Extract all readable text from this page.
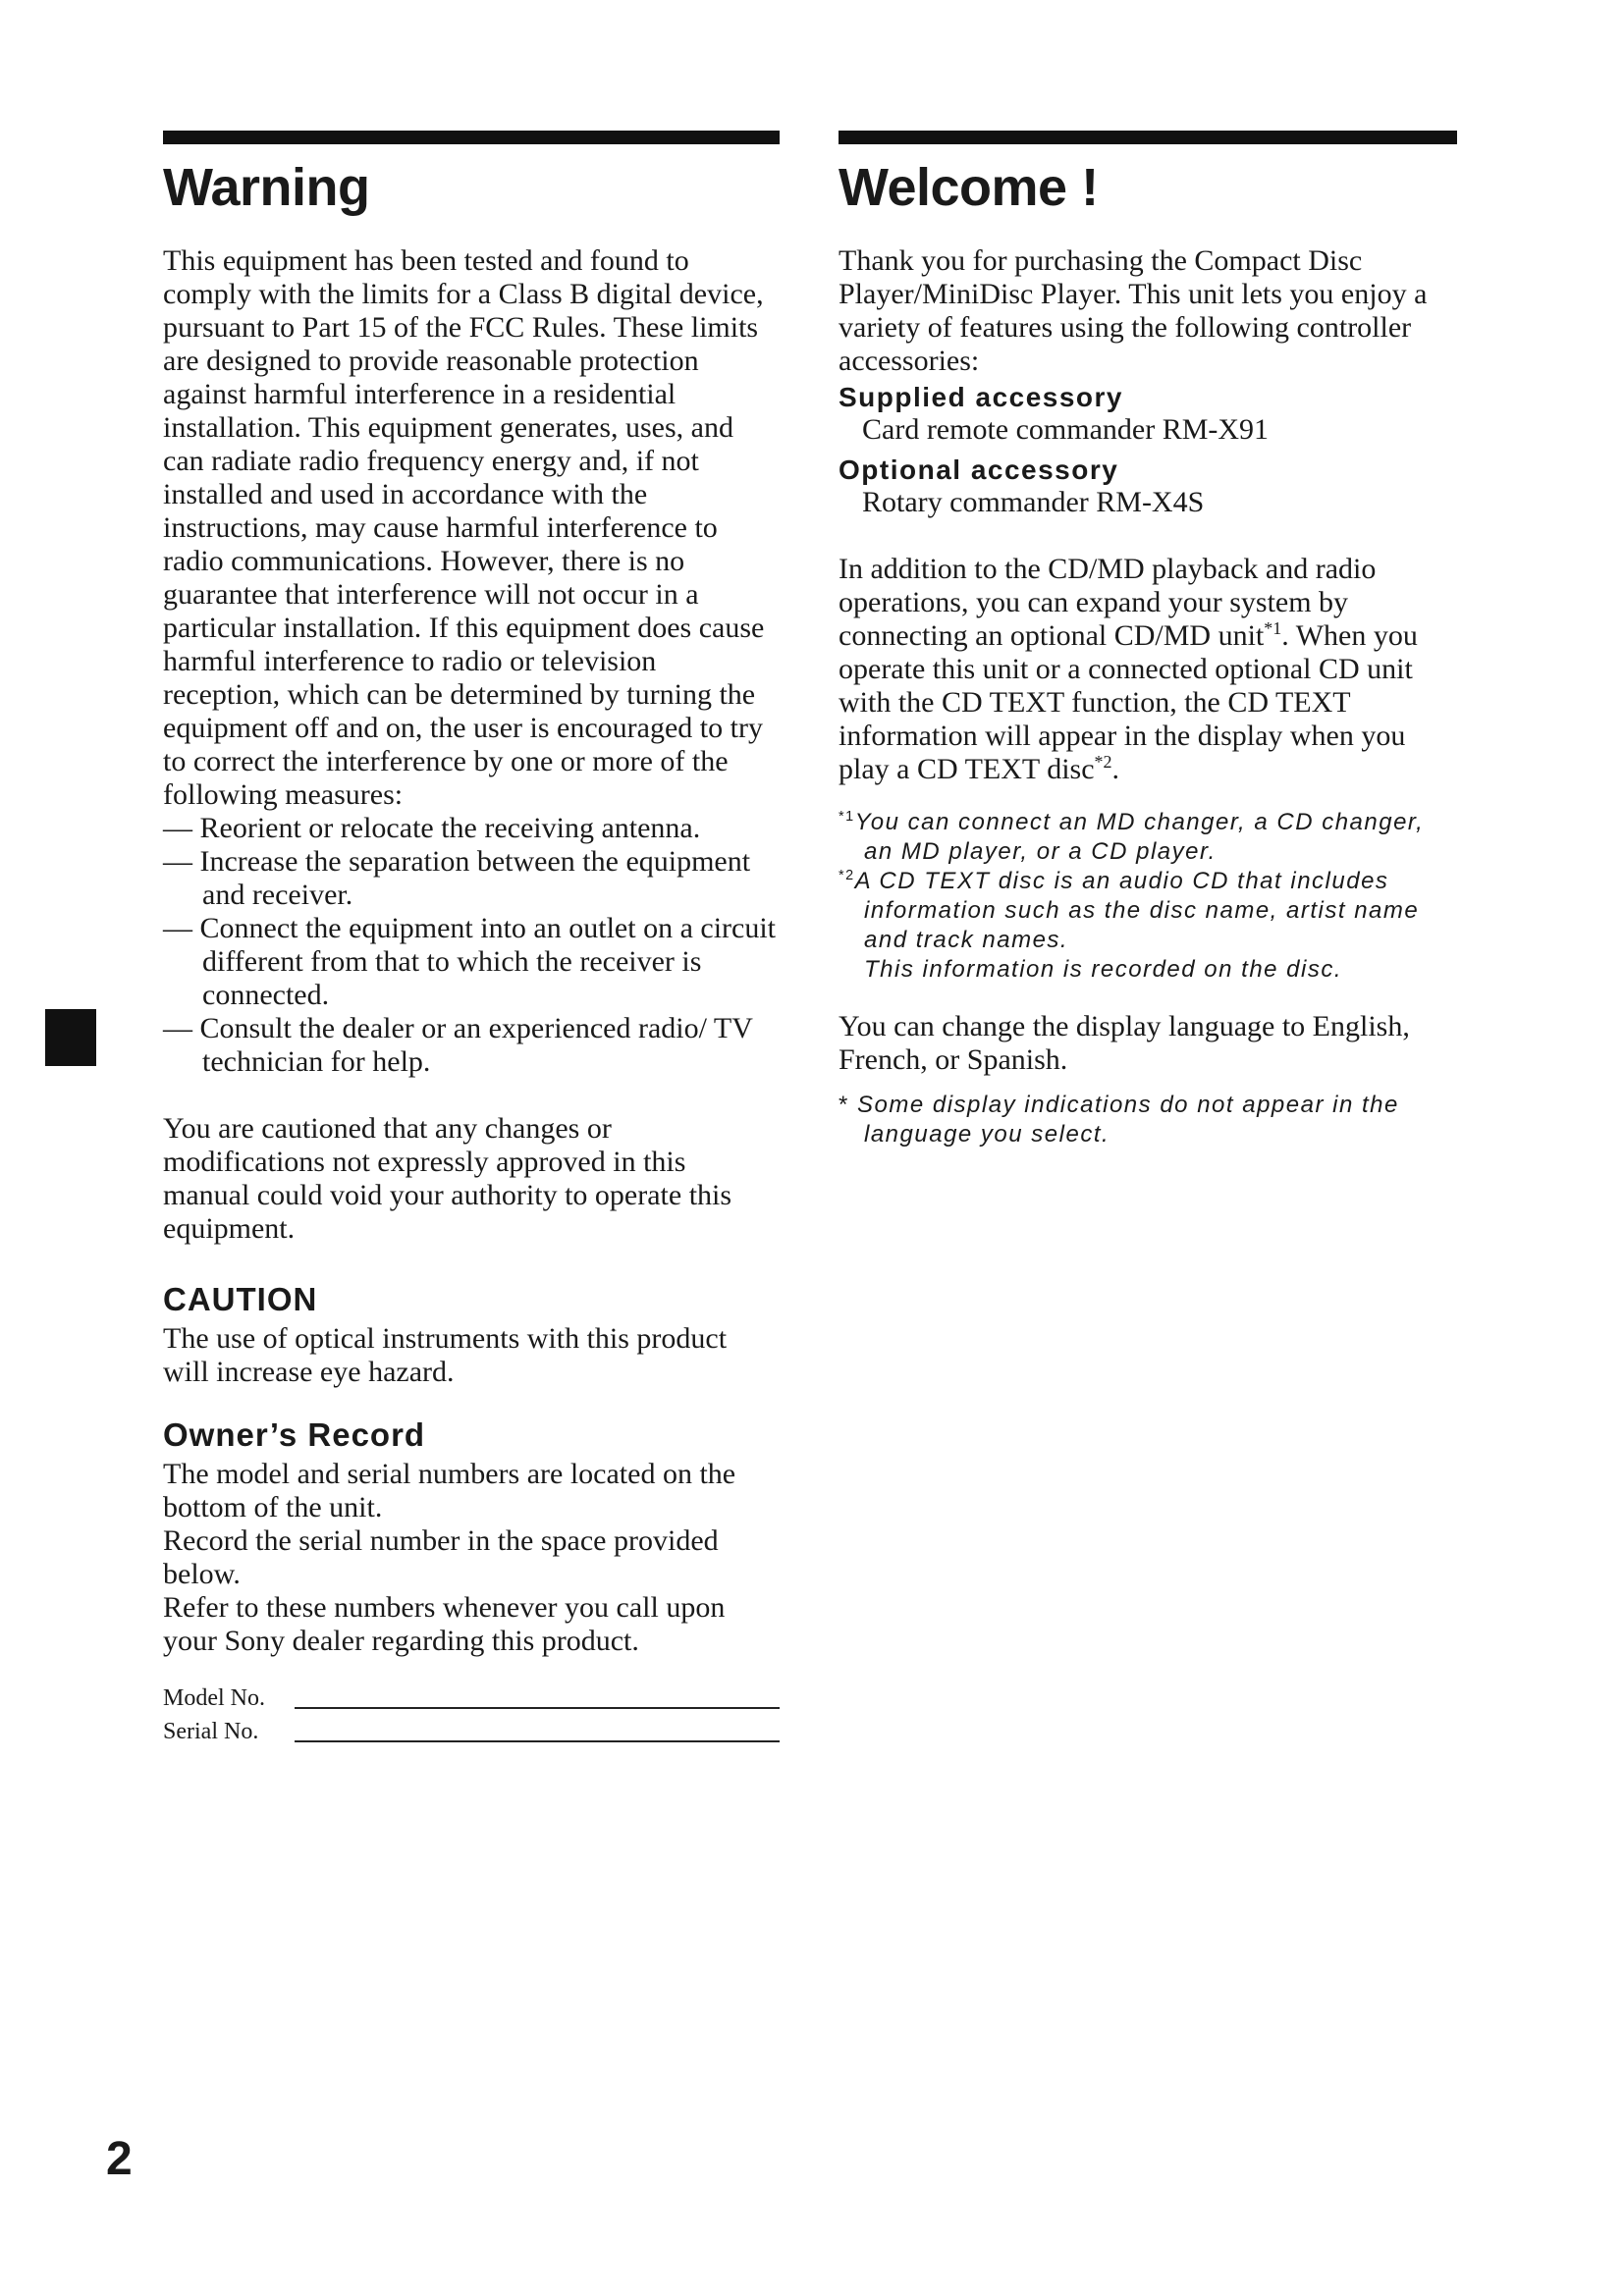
Warning

This equipment has been tested and found to comply with the limits for a Class B digital device, pursuant to Part 15 of the FCC Rules. These limits are designed to provide reasonable protection against harmful interference in a residential installation. This equipment generates, uses, and can radiate radio frequency energy and, if not installed and used in accordance with the instructions, may cause harmful interference to radio communications. However, there is no guarantee that interference will not occur in a particular installation. If this equipment does cause harmful interference to radio or television reception, which can be determined by turning the equipment off and on, the user is encouraged to try to correct the interference by one or more of the following measures:

— Reorient or relocate the receiving antenna.
— Increase the separation between the equipment and receiver.
— Connect the equipment into an outlet on a circuit different from that to which the receiver is connected.
— Consult the dealer or an experienced radio/ TV technician for help.

You are cautioned that any changes or modifications not expressly approved in this manual could void your authority to operate this equipment.

CAUTION

The use of optical instruments with this product will increase eye hazard.

Owner’s Record

The model and serial numbers are located on the bottom of the unit.

Record the serial number in the space provided below.

Refer to these numbers whenever you call upon your Sony dealer regarding this product.

Model No.
Serial No.
Welcome !

Thank you for purchasing the Compact Disc Player/MiniDisc Player. This unit lets you enjoy a variety of features using the following controller accessories:

Supplied accessory

Card remote commander RM-X91

Optional accessory

Rotary commander RM-X4S

In addition to the CD/MD playback and radio operations, you can expand your system by connecting an optional CD/MD unit$^{*1}$. When you operate this unit or a connected optional CD unit with the CD TEXT function, the CD TEXT information will appear in the display when you play a CD TEXT disc$^{*2}$.

$^{*1}$You can connect an MD changer, a CD changer, an MD player, or a CD player.

$^{*2}$A CD TEXT disc is an audio CD that includes information such as the disc name, artist name and track names.

This information is recorded on the disc.

You can change the display language to English, French, or Spanish.

* Some display indications do not appear in the language you select.

2
